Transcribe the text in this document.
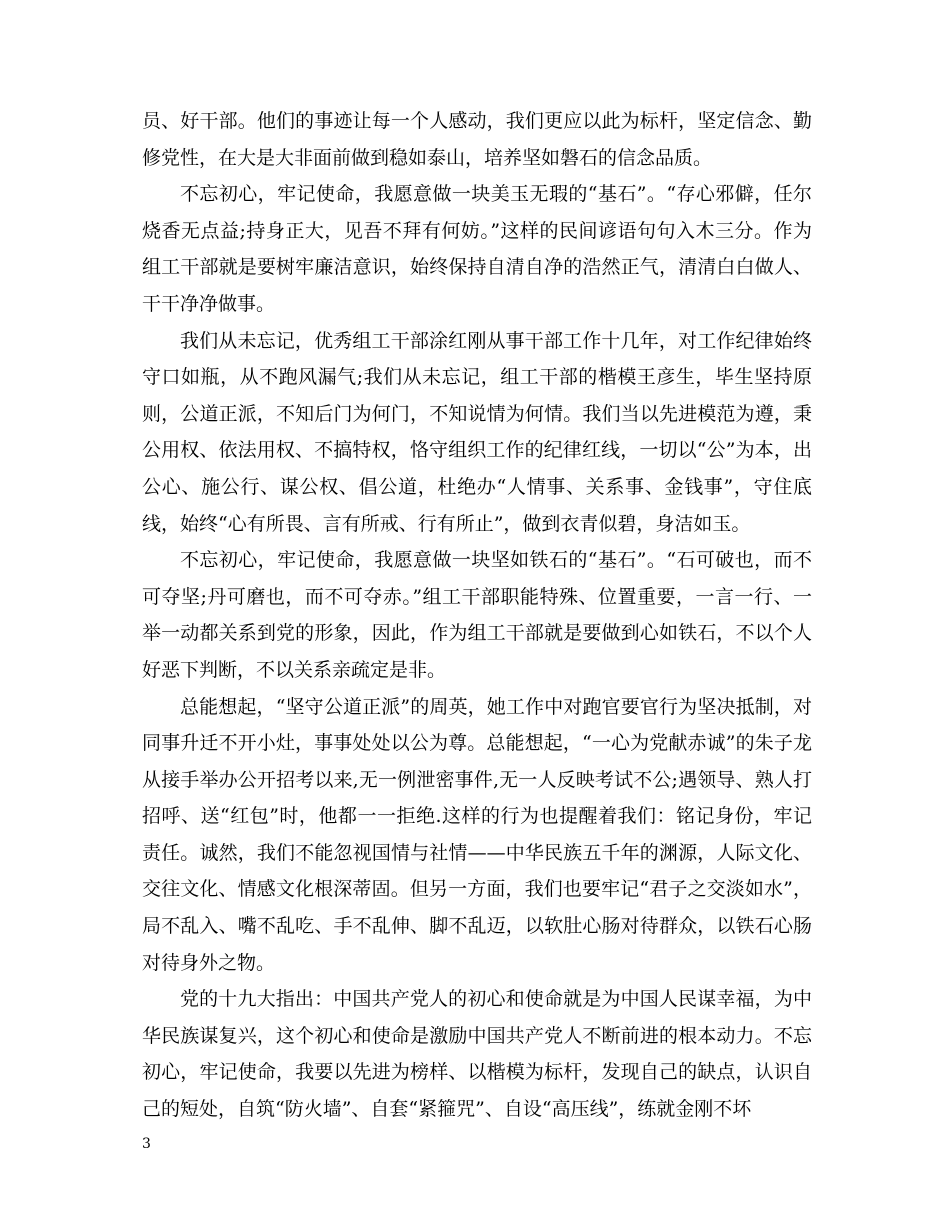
员、好干部。他们的事迹让每一个人感动，我们更应以此为标杆，坚定信念、勤修党性，在大是大非面前做到稳如泰山，培养坚如磐石的信念品质。

不忘初心，牢记使命，我愿意做一块美玉无瑕的“基石”。“存心邪僻，任尔烧香无点益;持身正大，见吾不拜有何妨。”这样的民间谚语句句入木三分。作为组工干部就是要树牢廉洁意识，始终保持自清自净的浩然正气，清清白白做人、干干净净做事。

我们从未忘记，优秀组工干部涂红刚从事干部工作十几年，对工作纪律始终守口如瓶，从不跑风漏气;我们从未忘记，组工干部的楷模王彦生，毕生坚持原则，公道正派，不知后门为何门，不知说情为何情。我们当以先进模范为遵，秉公用权、依法用权、不搞特权，恪守组织工作的纪律红线，一切以“公”为本，出公心、施公行、谋公权、倡公道，杜绝办“人情事、关系事、金钱事”，守住底线，始终“心有所畏、言有所戒、行有所止”，做到衣青似碧，身洁如玉。

不忘初心，牢记使命，我愿意做一块坚如铁石的“基石”。“石可破也，而不可夺坚;丹可磨也，而不可夺赤。”组工干部职能特殊、位置重要，一言一行、一举一动都关系到党的形象，因此，作为组工干部就是要做到心如铁石，不以个人好恶下判断，不以关系亲疏定是非。

总能想起，“坚守公道正派”的周英，她工作中对跑官要官行为坚决抵制，对同事升迁不开小灶，事事处处以公为尊。总能想起，“一心为党献赤诚”的朱子龙从接手举办公开招考以来,无一例泄密事件,无一人反映考试不公;遇领导、熟人打招呼、送“红包”时，他都一一拒绝.这样的行为也提醒着我们：铭记身份，牢记责任。诚然，我们不能忽视国情与社情——中华民族五千年的渊源，人际文化、交往文化、情感文化根深蒂固。但另一方面，我们也要牢记“君子之交淡如水”，局不乱入、嘴不乱吃、手不乱伸、脚不乱迈，以软肚心肠对待群众，以铁石心肠对待身外之物。

党的十九大指出：中国共产党人的初心和使命就是为中国人民谋幸福，为中华民族谋复兴，这个初心和使命是激励中国共产党人不断前进的根本动力。不忘初心，牢记使命，我要以先进为榜样、以楷模为标杆，发现自己的缺点，认识自己的短处，自筑“防火墙”、自套“紧箍咒”、自设“高压线”，练就金刚不坏

3
